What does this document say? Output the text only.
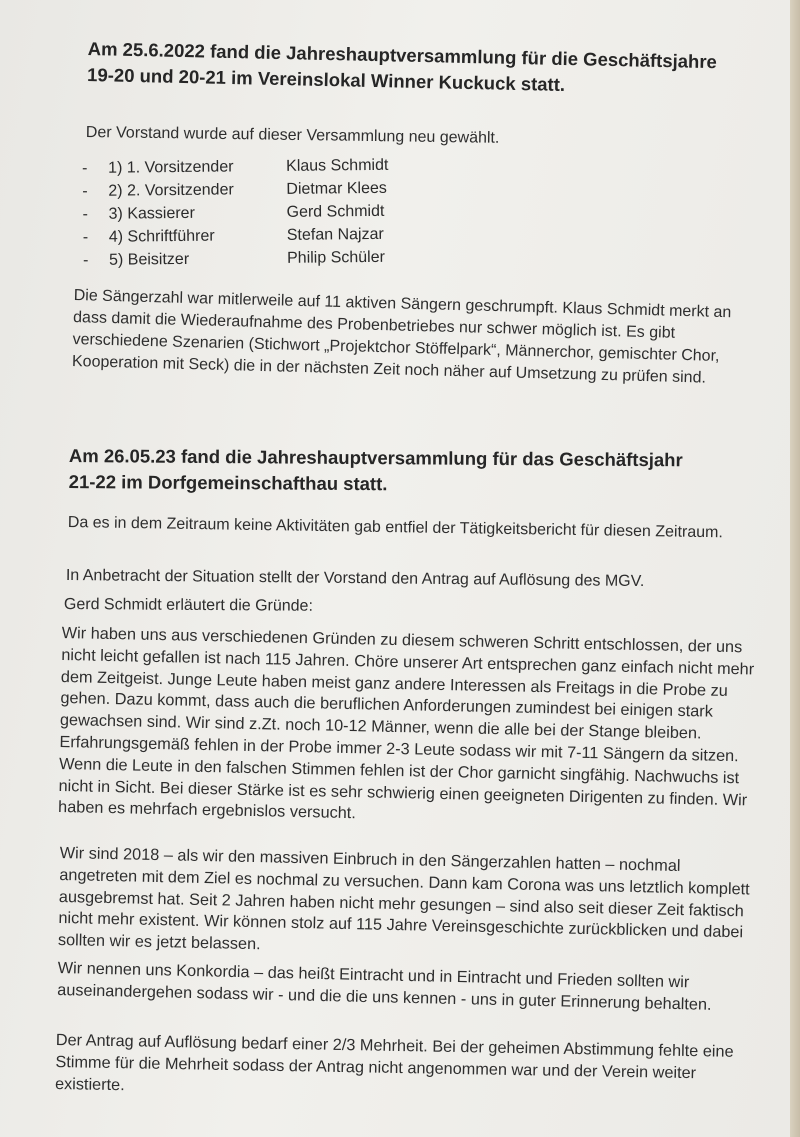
Am 25.6.2022 fand die Jahreshauptversammlung für die Geschäftsjahre 19-20 und 20-21 im Vereinslokal Winner Kuckuck statt.

Der Vorstand wurde auf dieser Versammlung neu gewählt.

-	1) 1. Vorsitzender	Klaus Schmidt
-	2) 2. Vorsitzender	Dietmar Klees
-	3) Kassierer	Gerd Schmidt
-	4) Schriftführer	Stefan Najzar
-	5) Beisitzer	Philip Schüler

Die Sängerzahl war mitlerweile auf 11 aktiven Sängern geschrumpft. Klaus Schmidt merkt an dass damit die Wiederaufnahme des Probenbetriebes nur schwer möglich ist. Es gibt verschiedene Szenarien (Stichwort „Projektchor Stöffelpark“, Männerchor, gemischter Chor, Kooperation mit Seck) die in der nächsten Zeit noch näher auf Umsetzung zu prüfen sind.

Am 26.05.23 fand die Jahreshauptversammlung für das Geschäftsjahr 21-22 im Dorfgemeinschafthau statt.

Da es in dem Zeitraum keine Aktivitäten gab entfiel der Tätigkeitsbericht für diesen Zeitraum.

In Anbetracht der Situation stellt der Vorstand den Antrag auf Auflösung des MGV.

Gerd Schmidt erläutert die Gründe:

Wir haben uns aus verschiedenen Gründen zu diesem schweren Schritt entschlossen, der uns nicht leicht gefallen ist nach 115 Jahren. Chöre unserer Art entsprechen ganz einfach nicht mehr dem Zeitgeist. Junge Leute haben meist ganz andere Interessen als Freitags in die Probe zu gehen. Dazu kommt, dass auch die beruflichen Anforderungen zumindest bei einigen stark gewachsen sind. Wir sind z.Zt. noch 10-12 Männer, wenn die alle bei der Stange bleiben. Erfahrungsgemäß fehlen in der Probe immer 2-3 Leute sodass wir mit 7-11 Sängern da sitzen. Wenn die Leute in den falschen Stimmen fehlen ist der Chor garnicht singfähig. Nachwuchs ist nicht in Sicht. Bei dieser Stärke ist es sehr schwierig einen geeigneten Dirigenten zu finden. Wir haben es mehrfach ergebnislos versucht.

Wir sind 2018 – als wir den massiven Einbruch in den Sängerzahlen hatten – nochmal angetreten mit dem Ziel es nochmal zu versuchen. Dann kam Corona was uns letztlich komplett ausgebremst hat. Seit 2 Jahren haben nicht mehr gesungen – sind also seit dieser Zeit faktisch nicht mehr existent. Wir können stolz auf 115 Jahre Vereinsgeschichte zurückblicken und dabei sollten wir es jetzt belassen.

Wir nennen uns Konkordia – das heißt Eintracht und in Eintracht und Frieden sollten wir auseinandergehen sodass wir - und die die uns kennen - uns in guter Erinnerung behalten.

Der Antrag auf Auflösung bedarf einer 2/3 Mehrheit. Bei der geheimen Abstimmung fehlte eine Stimme für die Mehrheit sodass der Antrag nicht angenommen war und der Verein weiter existierte.
